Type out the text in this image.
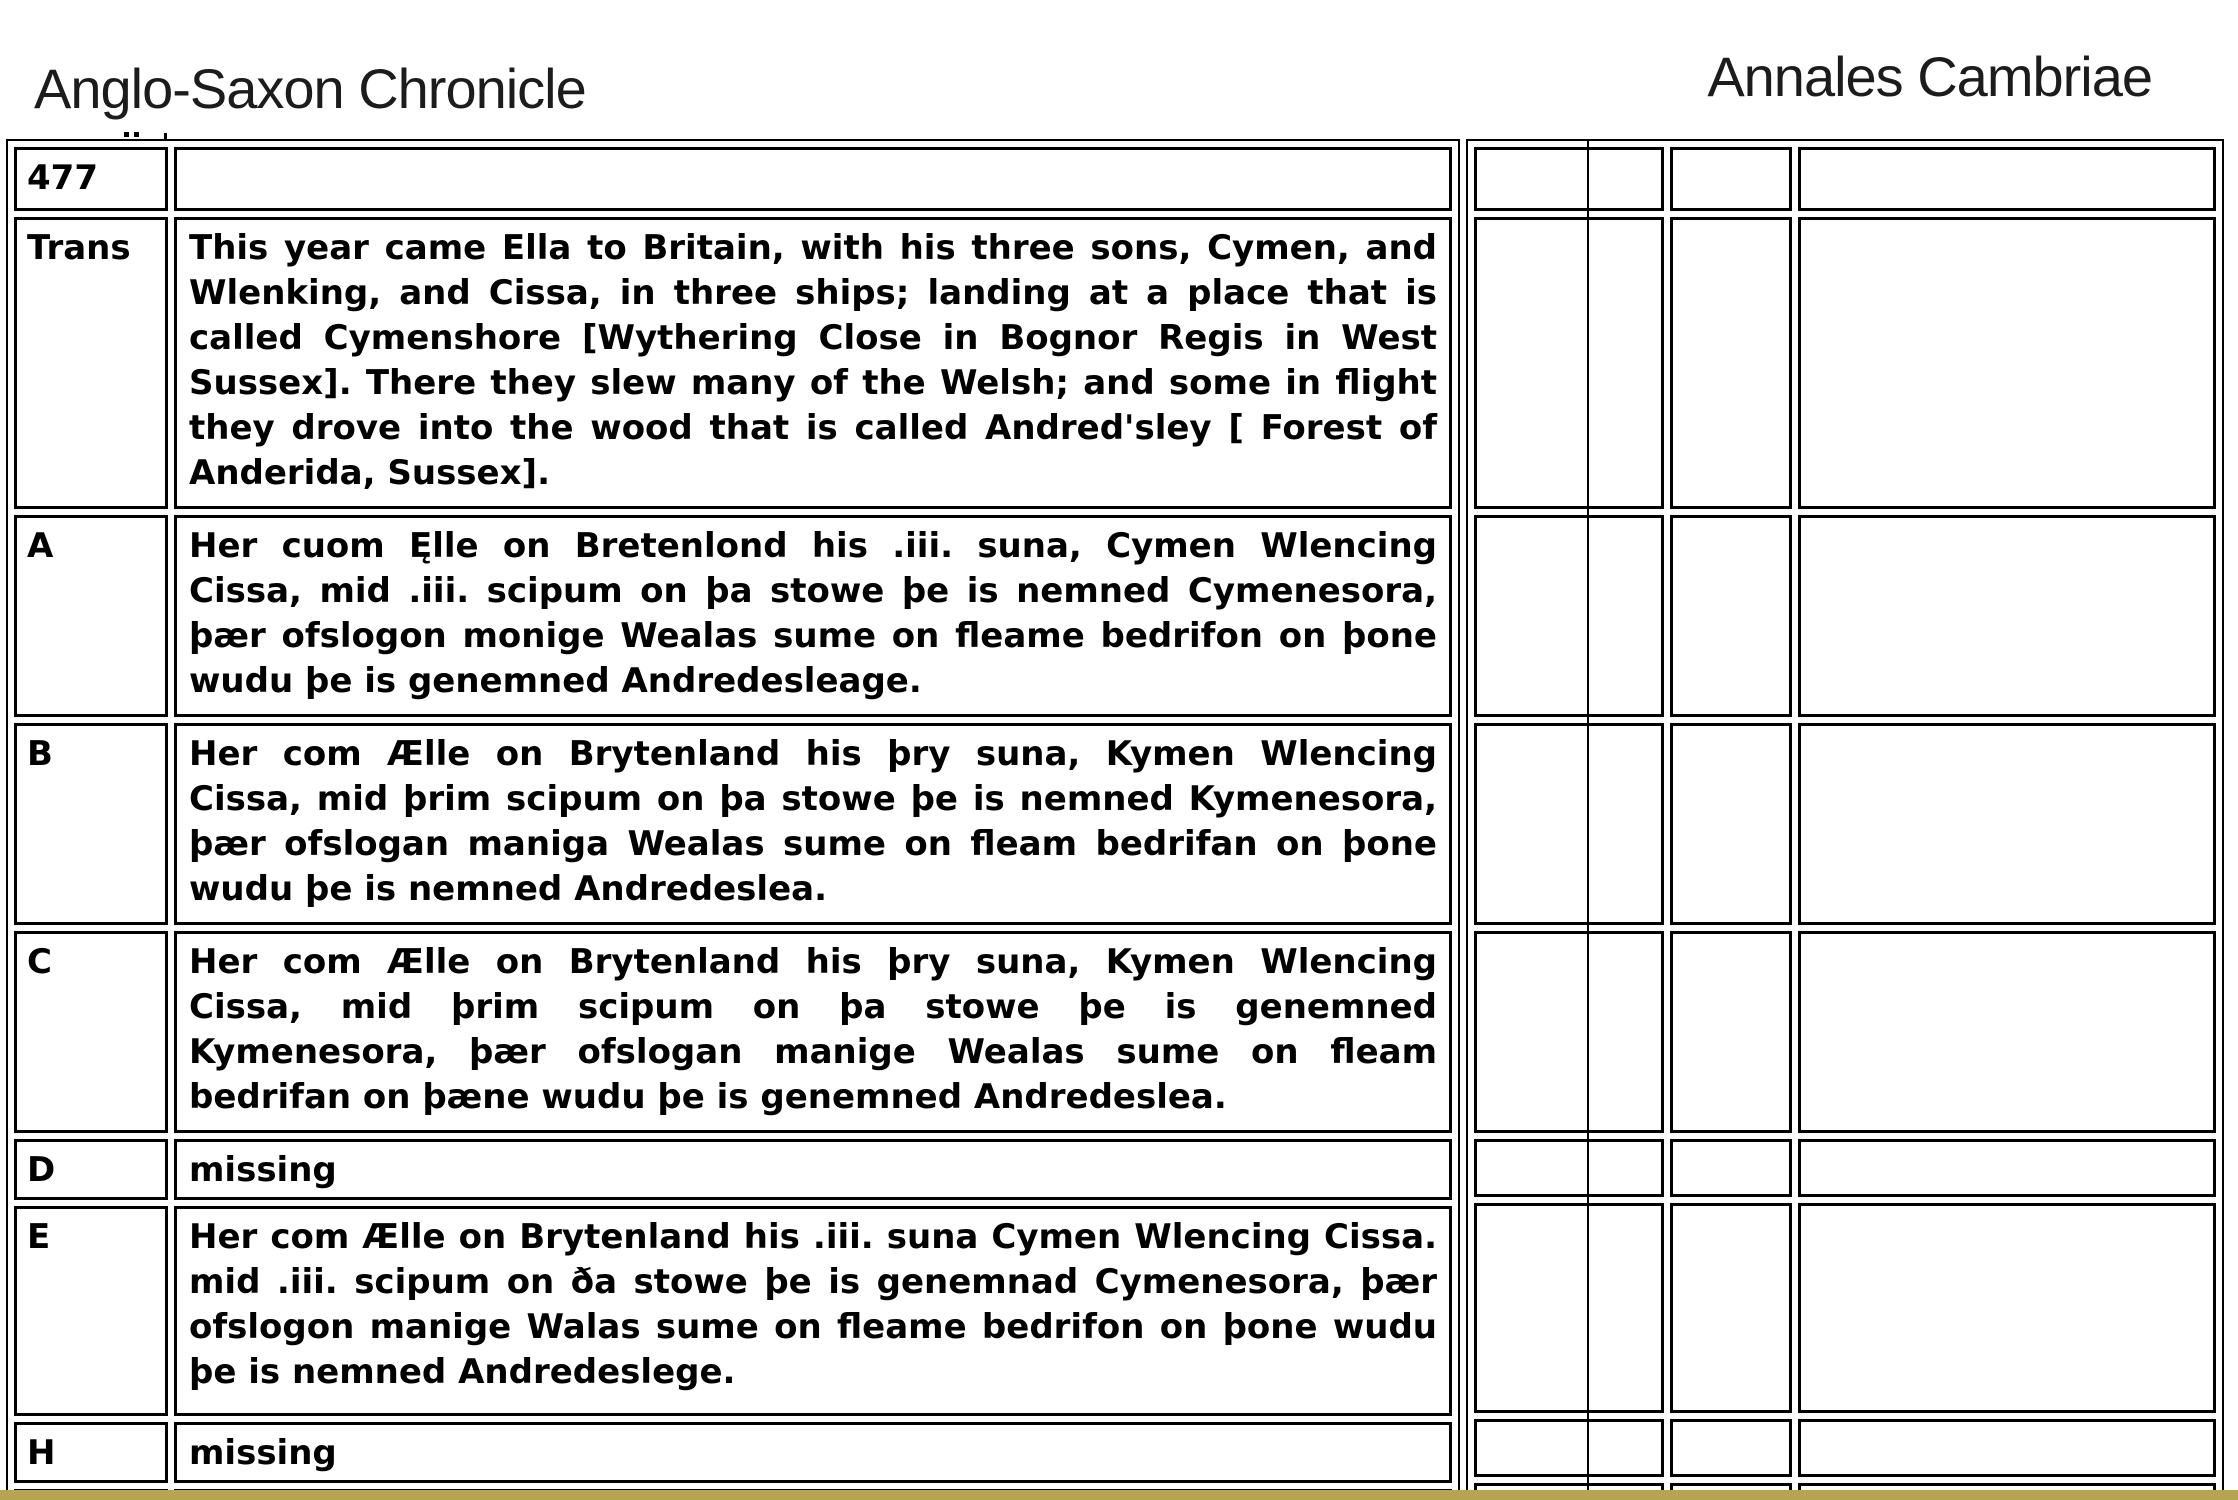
Anglo-Saxon Chronicle	Annales Cambriae
477	

Trans	This year came Ella to Britain, with his three sons, Cymen, and Wlenking, and Cissa, in three ships; landing at a place that is called Cymenshore [Wythering Close in Bognor Regis in West Sussex]. There they slew many of the Welsh; and some in flight they drove into the wood that is called Andred'sley [ Forest of Anderida, Sussex].

A	Her cuom Ęlle on Bretenlond his .iii. suna, Cymen Wlencing Cissa, mid .iii. scipum on þa stowe þe is nemned Cymenesora, þær ofslogon monige Wealas sume on fleame bedrifon on þone wudu þe is genemned Andredesleage.

B	Her com Ælle on Brytenland his þry suna, Kymen Wlencing Cissa, mid þrim scipum on þa stowe þe is nemned Kymenesora, þær ofslogan maniga Wealas sume on fleam bedrifan on þone wudu þe is nemned Andredeslea.

C	Her com Ælle on Brytenland his þry suna, Kymen Wlencing Cissa, mid þrim scipum on þa stowe þe is genemned Kymenesora, þær ofslogan manige Wealas sume on fleam bedrifan on þæne wudu þe is genemned Andredeslea.

D	missing

E	Her com Ælle on Brytenland his .iii. suna Cymen Wlencing Cissa. mid .iii. scipum on ða stowe þe is genemnad Cymenesora, þær ofslogon manige Walas sume on fleame bedrifon on þone wudu þe is nemned Andredeslege.

H	missing
